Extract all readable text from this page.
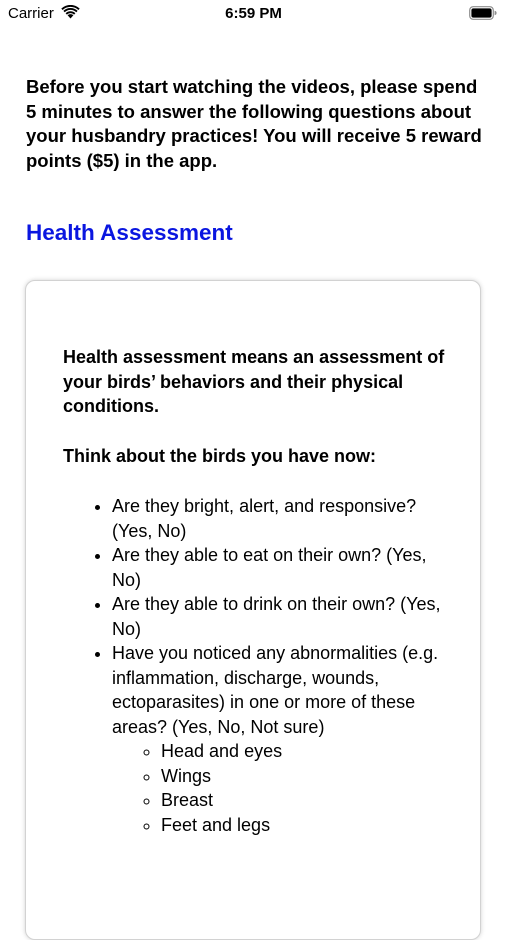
Carrier	6:59 PM

Before you start watching the videos, please spend 5 minutes to answer the following questions about your husbandry practices! You will receive 5 reward points ($5) in the app.

Health Assessment

Health assessment means an assessment of your birds’ behaviors and their physical conditions.

Think about the birds you have now:

• Are they bright, alert, and responsive? (Yes, No)
• Are they able to eat on their own? (Yes, No)
• Are they able to drink on their own? (Yes, No)
• Have you noticed any abnormalities (e.g. inflammation, discharge, wounds, ectoparasites) in one or more of these areas? (Yes, No, Not sure)
◦ Head and eyes
◦ Wings
◦ Breast
◦ Feet and legs
